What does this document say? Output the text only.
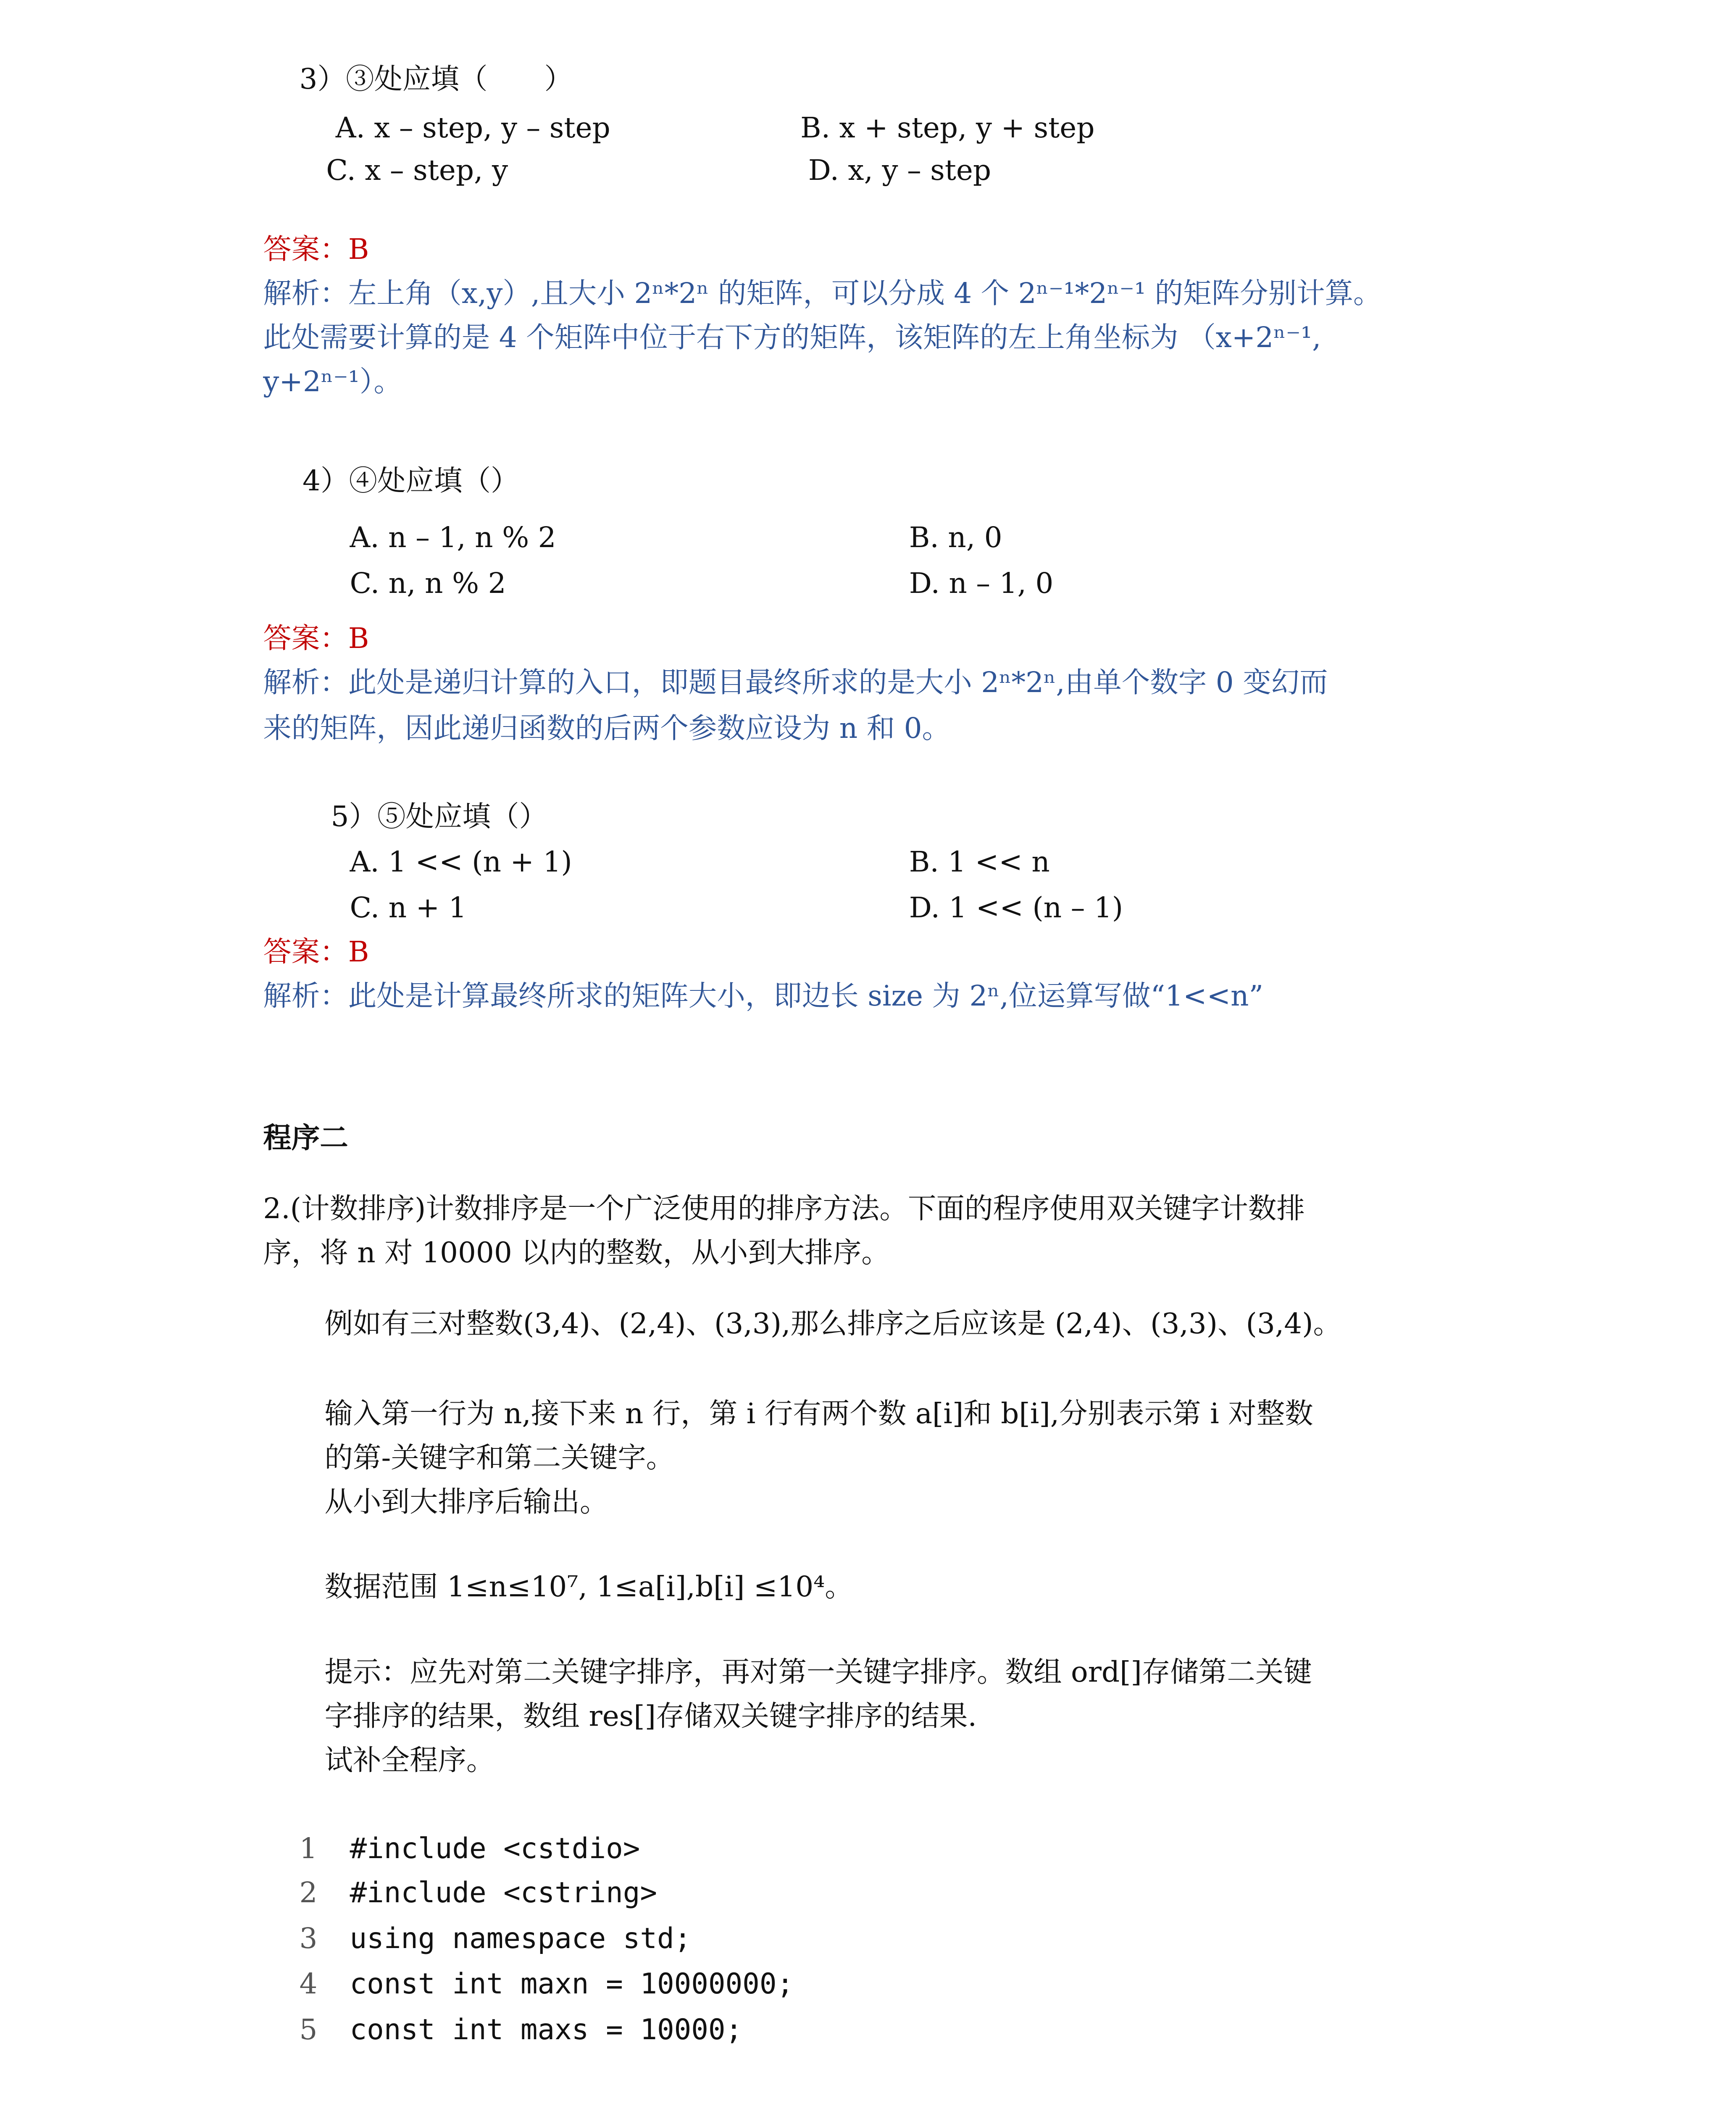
3）③处应填（　　）
A. x – step, y – step	B. x + step, y + step
C. x – step, y	D. x, y – step
答案：B
解析：左上角（x,y）,且大小 2ⁿ*2ⁿ 的矩阵，可以分成 4 个 2ⁿ⁻¹*2ⁿ⁻¹ 的矩阵分别计算。
此处需要计算的是 4 个矩阵中位于右下方的矩阵，该矩阵的左上角坐标为 （x+2ⁿ⁻¹,
y+2ⁿ⁻¹）。
4）④处应填（）
A. n – 1, n % 2	B. n, 0
C. n, n % 2	D. n – 1, 0
答案：B
解析：此处是递归计算的入口，即题目最终所求的是大小 2ⁿ*2ⁿ,由单个数字 0 变幻而
来的矩阵，因此递归函数的后两个参数应设为 n 和 0。
5）⑤处应填（）
A. 1 << (n + 1)	B. 1 << n
C. n + 1	D. 1 << (n – 1)
答案：B
解析：此处是计算最终所求的矩阵大小，即边长 size 为 2ⁿ,位运算写做“1<<n”
程序二
2.(计数排序)计数排序是一个广泛使用的排序方法。下面的程序使用双关键字计数排
序，将 n 对 10000 以内的整数，从小到大排序。
例如有三对整数(3,4)、(2,4)、(3,3),那么排序之后应该是 (2,4)、(3,3)、(3,4)。
输入第一行为 n,接下来 n 行，第 i 行有两个数 a[i]和 b[i],分别表示第 i 对整数
的第-关键字和第二关键字。
从小到大排序后输出。
数据范围 1≤n≤10⁷, 1≤a[i],b[i] ≤10⁴。
提示：应先对第二关键字排序，再对第一关键字排序。数组 ord[]存储第二关键
字排序的结果，数组 res[]存储双关键字排序的结果.
试补全程序。
1 #include <cstdio>
2 #include <cstring>
3 using namespace std;
4 const int maxn = 10000000;
5 const int maxs = 10000;
